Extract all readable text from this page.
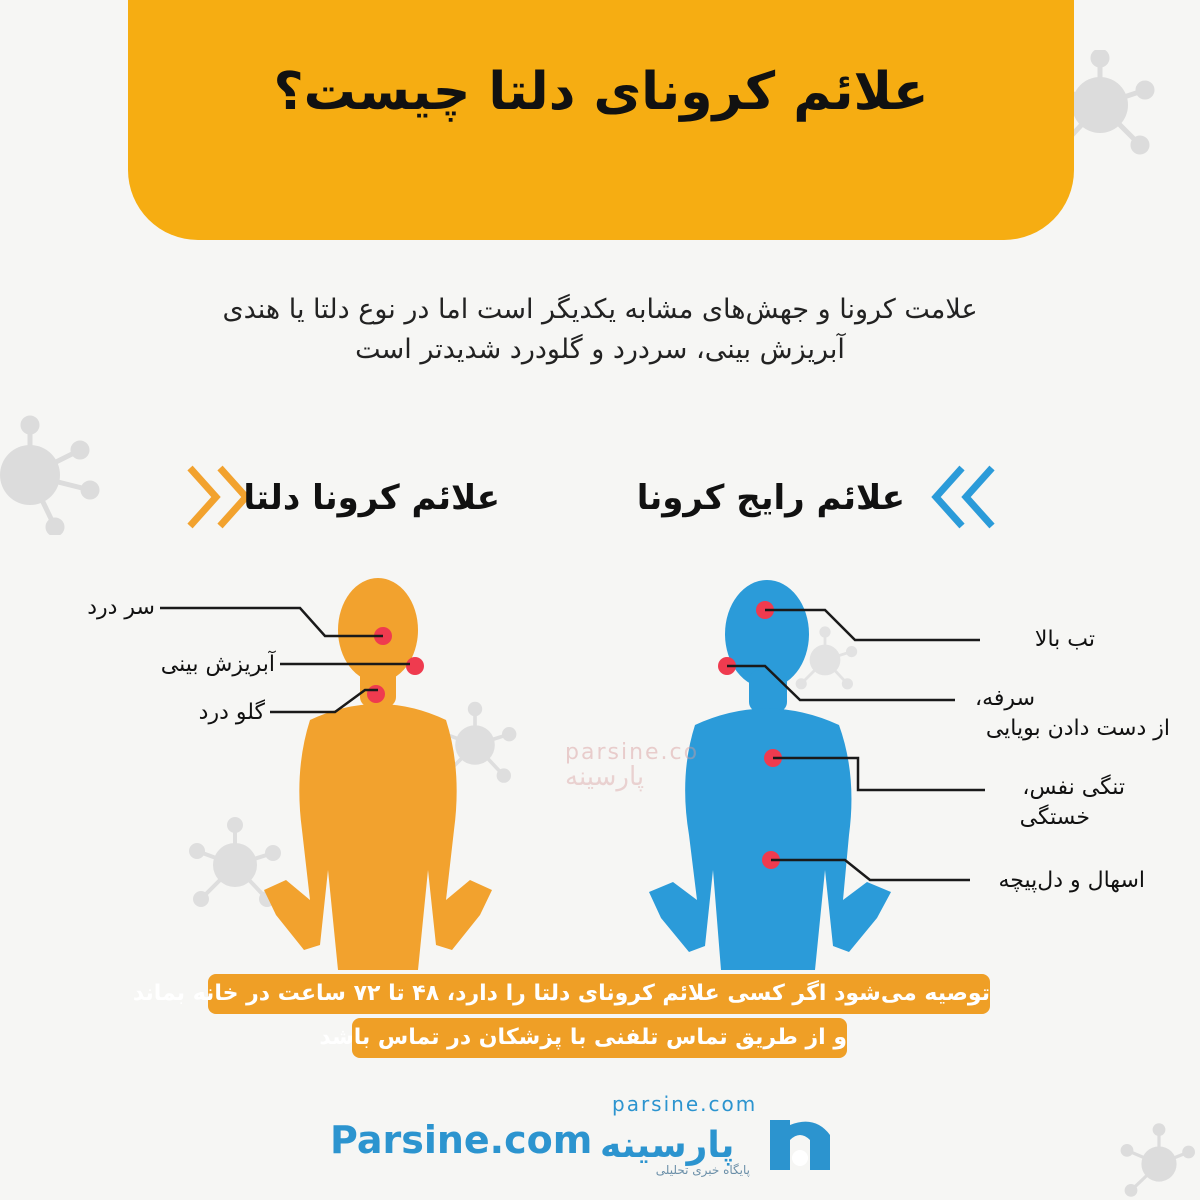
علائم کرونای دلتا چیست؟
علامت کرونا و جهش‌های مشابه یکدیگر است اما در نوع دلتا یا هندی
آبریزش بینی، سردرد و گلودرد شدیدتر است
علائم کرونا دلتا	علائم رایج کرونا
سر درد
آبریزش بینی
گلو درد
تب بالا
سرفه،
از دست دادن بویایی
تنگی نفس،
خستگی
اسهال و دل‌پیچه
parsine.co
پارسینه
توصیه می‌شود اگر کسی علائم کرونای دلتا را دارد، ۴۸ تا ۷۲ ساعت در خانه بماند
و از طریق تماس تلفنی با پزشکان در تماس باشد
Parsine.com
parsine.com
پارسینه
پایگاه خبری تحلیلی
